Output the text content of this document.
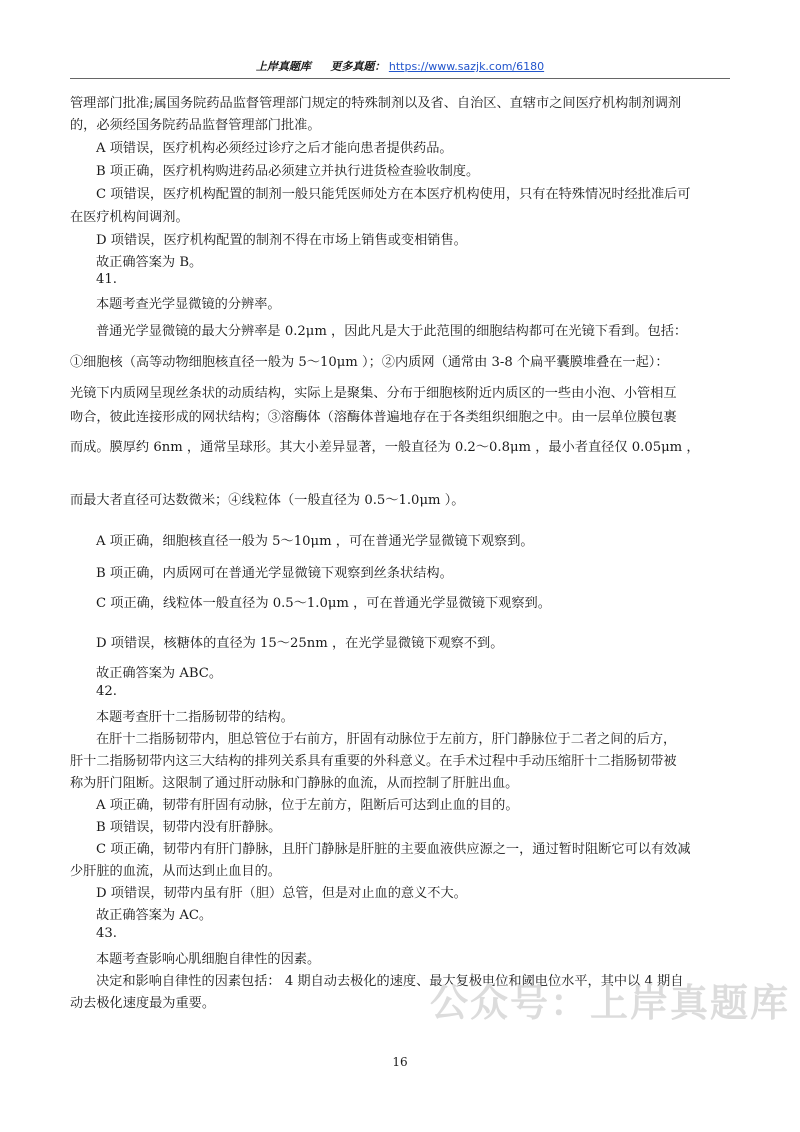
上岸真题库 更多真题： https://www.sazjk.com/6180
管理部门批准;属国务院药品监督管理部门规定的特殊制剂以及省、自治区、直辖市之间医疗机构制剂调剂
的，必须经国务院药品监督管理部门批准。
A 项错误，医疗机构必须经过诊疗之后才能向患者提供药品。
B 项正确，医疗机构购进药品必须建立并执行进货检查验收制度。
C 项错误，医疗机构配置的制剂一般只能凭医师处方在本医疗机构使用，只有在特殊情况时经批准后可
在医疗机构间调剂。
D 项错误，医疗机构配置的制剂不得在市场上销售或变相销售。
故正确答案为 B。
41.
本题考查光学显微镜的分辨率。
普通光学显微镜的最大分辨率是 0.2μm ，因此凡是大于此范围的细胞结构都可在光镜下看到。包括：
①细胞核（高等动物细胞核直径一般为 5～10μm ）；②内质网（通常由 3-8 个扁平囊膜堆叠在一起）：
光镜下内质网呈现丝条状的动质结构，实际上是聚集、分布于细胞核附近内质区的一些由小泡、小管相互
吻合，彼此连接形成的网状结构；③溶酶体（溶酶体普遍地存在于各类组织细胞之中。由一层单位膜包裹
而成。膜厚约 6nm ，通常呈球形。其大小差异显著，一般直径为 0.2～0.8μm ，最小者直径仅 0.05μm ，
而最大者直径可达数微米；④线粒体（一般直径为 0.5～1.0μm ）。
A 项正确，细胞核直径一般为 5～10μm ，可在普通光学显微镜下观察到。
B 项正确，内质网可在普通光学显微镜下观察到丝条状结构。
C 项正确，线粒体一般直径为 0.5～1.0μm ，可在普通光学显微镜下观察到。
D 项错误，核糖体的直径为 15～25nm ，在光学显微镜下观察不到。
故正确答案为 ABC。
42.
本题考查肝十二指肠韧带的结构。
在肝十二指肠韧带内，胆总管位于右前方，肝固有动脉位于左前方，肝门静脉位于二者之间的后方，
肝十二指肠韧带内这三大结构的排列关系具有重要的外科意义。在手术过程中手动压缩肝十二指肠韧带被
称为肝门阻断。这限制了通过肝动脉和门静脉的血流，从而控制了肝脏出血。
A 项正确，韧带有肝固有动脉，位于左前方，阻断后可达到止血的目的。
B 项错误，韧带内没有肝静脉。
C 项正确，韧带内有肝门静脉，且肝门静脉是肝脏的主要血液供应源之一，通过暂时阻断它可以有效减
少肝脏的血流，从而达到止血目的。
D 项错误，韧带内虽有肝（胆）总管，但是对止血的意义不大。
故正确答案为 AC。
43.
本题考查影响心肌细胞自律性的因素。
决定和影响自律性的因素包括： 4 期自动去极化的速度、最大复极电位和阈电位水平，其中以 4 期自
动去极化速度最为重要。	公众号：上岸真题库
16
